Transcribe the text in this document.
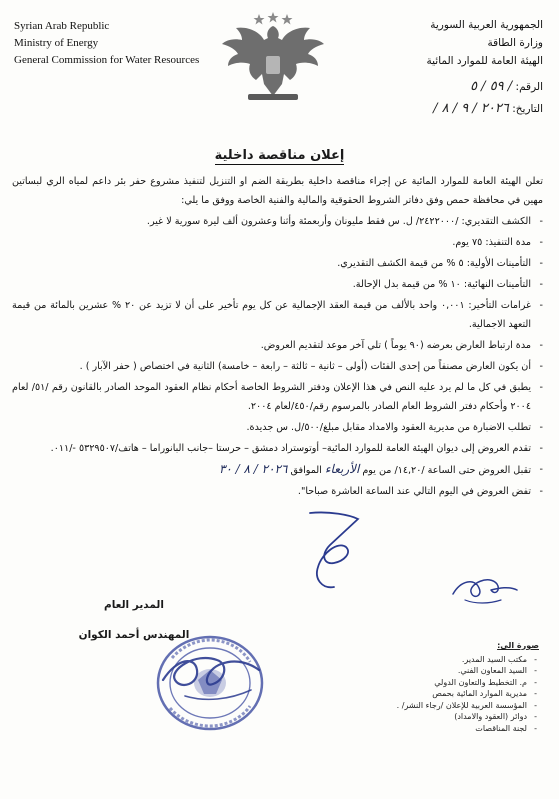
Syrian Arab Republic
Ministry of Energy
General Commission for Water Resources
الجمهورية العربية السورية
وزارة الطاقة
الهيئة العامة للموارد المائية
الرقم: / ٥٩ / ٥
التاريخ: ٢٠٢٦ / ٩ / ٨ /
إعلان مناقصة داخلية

تعلن الهيئة العامة للموارد المائية عن إجراء مناقصة داخلية بطريقة الضم او التنزيل لتنفيذ مشروع حفر بئر داعم لمياه الري لبساتين مهين في محافظة حمص وفق دفاتر الشروط الحقوقية والمالية والفنية الخاصة ووفق ما يلي:

- الكشف التقديري: /٢٤٢٢٠٠٠/ ل. س فقط مليونان وأربعمئة وأثنا وعشرون ألف ليرة سورية لا غير.
- مدة التنفيذ: ٧٥ يوم.
- التأمينات الأولية: ٥ % من قيمة الكشف التقديري.
- التأمينات النهائية: ١٠ % من قيمة بدل الإحالة.
- غرامات التأخير: ٠,٠٠١ واحد بالألف من قيمة العقد الإجمالية عن كل يوم تأخير على أن لا تزيد عن ٢٠ % عشرين بالمائة من قيمة التعهد الاجمالية.
- مدة ارتباط العارض بعرضه (٩٠ يوماً ) تلي آخر موعد لتقديم العروض.
- أن يكون العارض مصنفاً من إحدى الفئات (أولى – ثانية – ثالثة – رابعة – خامسة) الثانية في اختصاص ( حفر الآبار ) .
- يطبق في كل ما لم يرد عليه النص في هذا الإعلان ودفتر الشروط الخاصة أحكام نظام العقود الموحد الصادر بالقانون رقم /٥١/ لعام ٢٠٠٤ وأحكام دفتر الشروط العام الصادر بالمرسوم رقم/٤٥٠/لعام ٢٠٠٤.
- تطلب الاضبارة من مديرية العقود والامداد مقابل مبلغ/٥٠٠/ل. س جديدة.
- تقدم العروض إلى ديوان الهيئة العامة للموارد المائية– أوتوستراد دمشق – حرستا –جانب البانوراما – هاتف/٥٣٢٩٥٠٧ -/٠١١.
- تقبل العروض حتى الساعة /١٤,٢٠/ من يوم الأربعاء الموافق ٢٠٢٦ / ٨ / ٣٠
- تفض العروض في اليوم التالي عند الساعة العاشرة صباحا".
المدير العام
المهندس أحمد الكوان
صورة الى:
- مكتب السيد المدير.
- السيد المعاون الفني.
- م. التخطيط والتعاون الدولي
- مديرية الموارد المائية بحمص
- المؤسسة العربية للإعلان /رجاء النشر/ .
- دوائر (العقود والامداد)
- لجنة المناقصات
